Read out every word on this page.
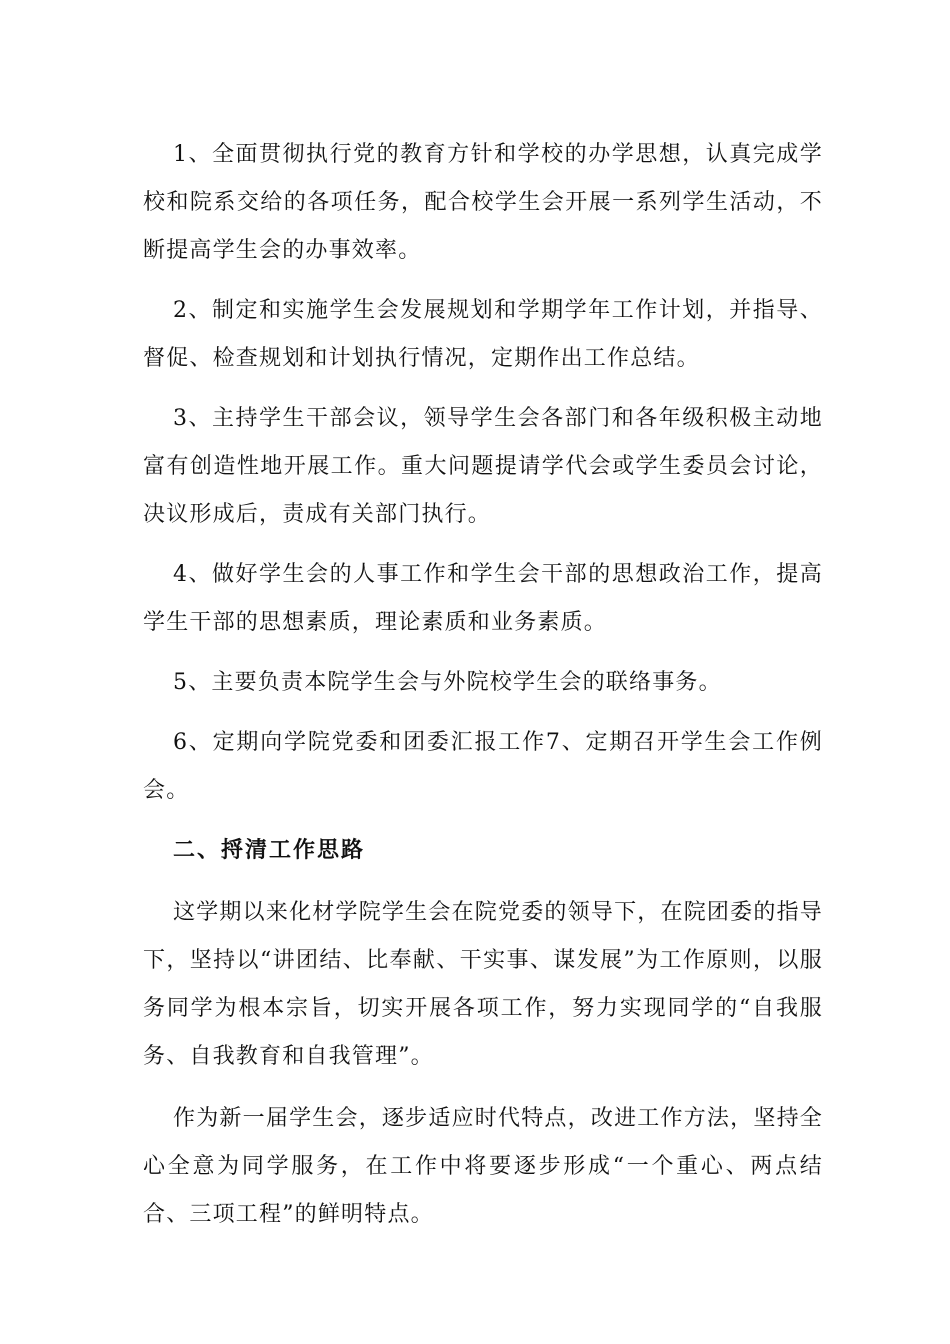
1、全面贯彻执行党的教育方针和学校的办学思想，认真完成学校和院系交给的各项任务，配合校学生会开展一系列学生活动，不断提高学生会的办事效率。

2、制定和实施学生会发展规划和学期学年工作计划，并指导、督促、检查规划和计划执行情况，定期作出工作总结。

3、主持学生干部会议，领导学生会各部门和各年级积极主动地富有创造性地开展工作。重大问题提请学代会或学生委员会讨论，决议形成后，责成有关部门执行。

4、做好学生会的人事工作和学生会干部的思想政治工作，提高学生干部的思想素质，理论素质和业务素质。

5、主要负责本院学生会与外院校学生会的联络事务。

6、定期向学院党委和团委汇报工作7、定期召开学生会工作例会。

二、捋清工作思路

这学期以来化材学院学生会在院党委的领导下，在院团委的指导下，坚持以“讲团结、比奉献、干实事、谋发展”为工作原则，以服务同学为根本宗旨，切实开展各项工作，努力实现同学的“自我服务、自我教育和自我管理”。

作为新一届学生会，逐步适应时代特点，改进工作方法，坚持全心全意为同学服务，在工作中将要逐步形成“一个重心、两点结合、三项工程”的鲜明特点。
